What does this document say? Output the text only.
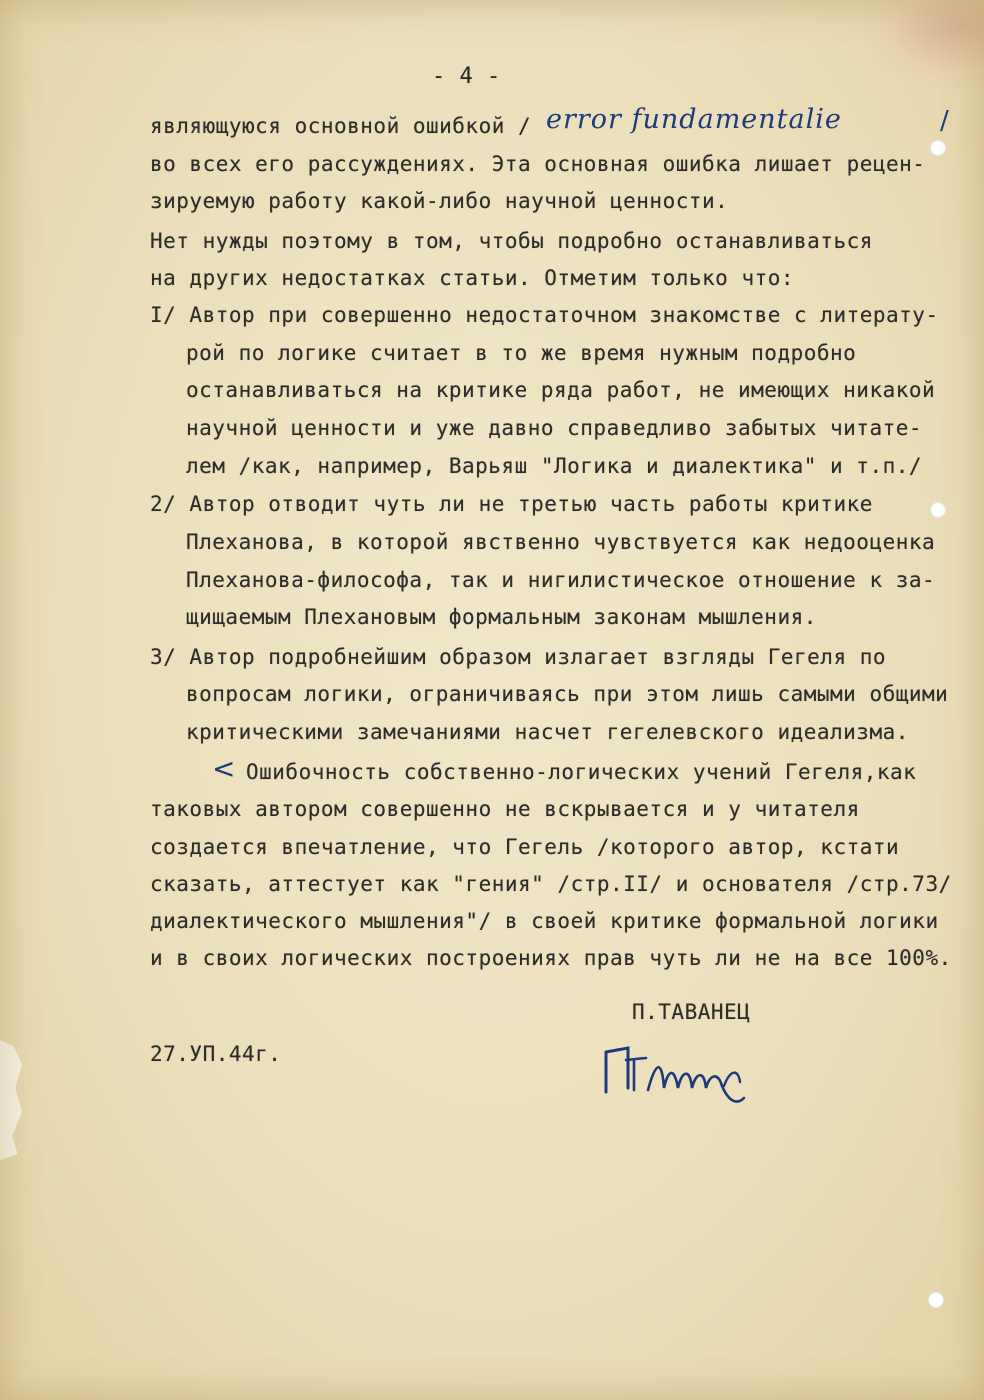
- 4 -
являющуюся основной ошибкой / error fundamentalie	/
во всех его рассуждениях. Эта основная ошибка лишает рецен-
зируемую работу какой-либо научной ценности.
Нет нужды поэтому в том, чтобы подробно останавливаться
на других недостатках статьи. Отметим только что:
I/ Автор при совершенно недостаточном знакомстве с литерату-
рой по логике считает в то же время нужным подробно
останавливаться на критике ряда работ, не имеющих никакой
научной ценности и уже давно справедливо забытых читате-
лем /как, например, Варьяш "Логика и диалектика" и т.п./
2/ Автор отводит чуть ли не третью часть работы критике
Плеханова, в которой явственно чувствуется как недооценка
Плеханова-философа, так и нигилистическое отношение к за-
щищаемым Плехановым формальным законам мышления.
3/ Автор подробнейшим образом излагает взгляды Гегеля по
вопросам логики, ограничиваясь при этом лишь самыми общими
критическими замечаниями насчет гегелевского идеализма.
< Ошибочность собственно-логических учений Гегеля,как
таковых автором совершенно не вскрывается и у читателя
создается впечатление, что Гегель /которого автор, кстати
сказать, аттестует как "гения" /стр.II/ и основателя /стр.73/
диалектического мышления"/ в своей критике формальной логики
и в своих логических построениях прав чуть ли не на все 100%.
П.ТАВАНЕЦ
27.УП.44г.
